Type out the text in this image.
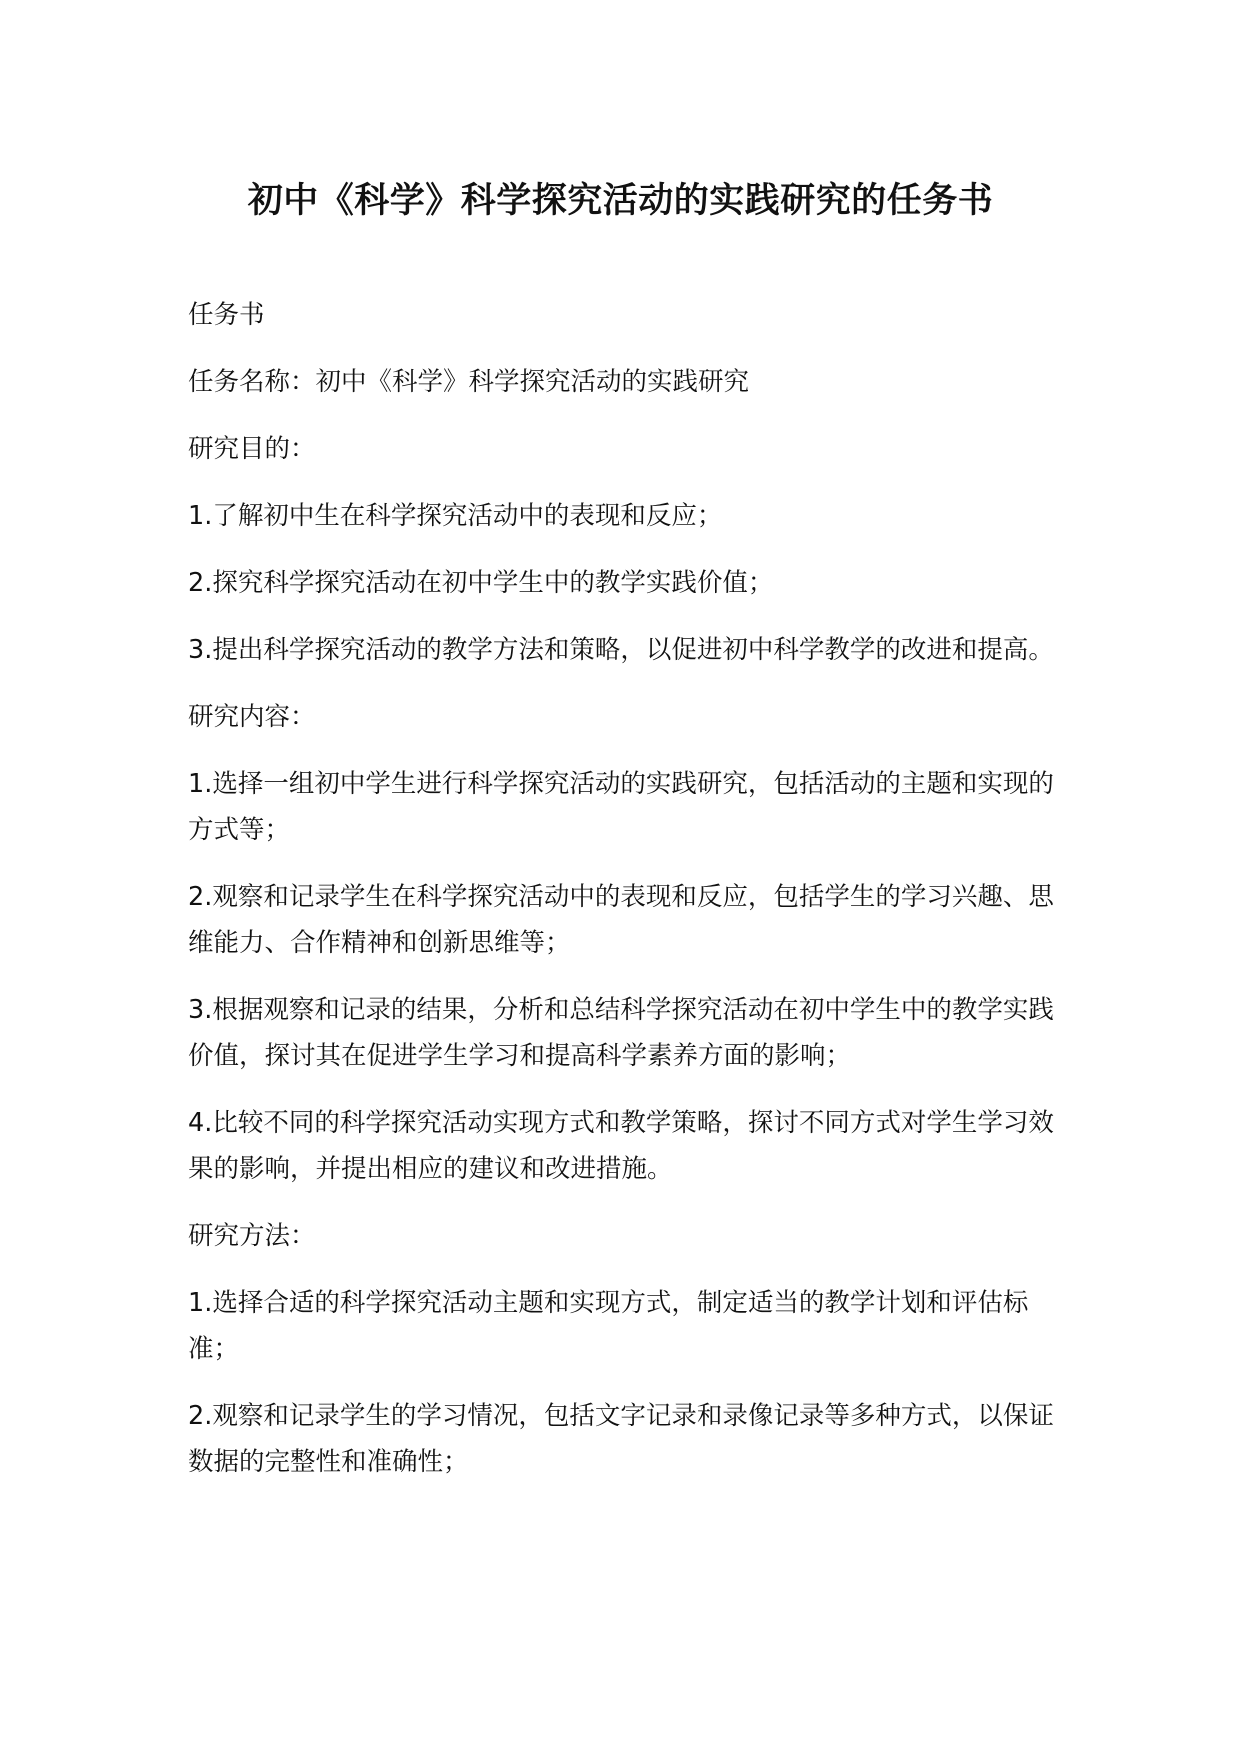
初中《科学》科学探究活动的实践研究的任务书

任务书

任务名称：初中《科学》科学探究活动的实践研究

研究目的：

1.了解初中生在科学探究活动中的表现和反应；

2.探究科学探究活动在初中学生中的教学实践价值；

3.提出科学探究活动的教学方法和策略，以促进初中科学教学的改进和提高。

研究内容：

1.选择一组初中学生进行科学探究活动的实践研究，包括活动的主题和实现的方式等；

2.观察和记录学生在科学探究活动中的表现和反应，包括学生的学习兴趣、思维能力、合作精神和创新思维等；

3.根据观察和记录的结果，分析和总结科学探究活动在初中学生中的教学实践价值，探讨其在促进学生学习和提高科学素养方面的影响；

4.比较不同的科学探究活动实现方式和教学策略，探讨不同方式对学生学习效果的影响，并提出相应的建议和改进措施。

研究方法：

1.选择合适的科学探究活动主题和实现方式，制定适当的教学计划和评估标准；

2.观察和记录学生的学习情况，包括文字记录和录像记录等多种方式，以保证数据的完整性和准确性；
